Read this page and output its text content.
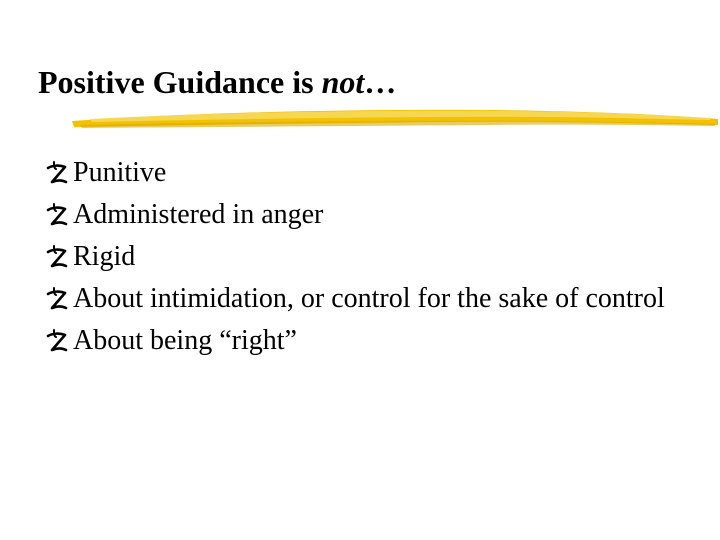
Positive Guidance is not…
Punitive
Administered in anger
Rigid
About intimidation, or control for the sake of control
About being “right”
